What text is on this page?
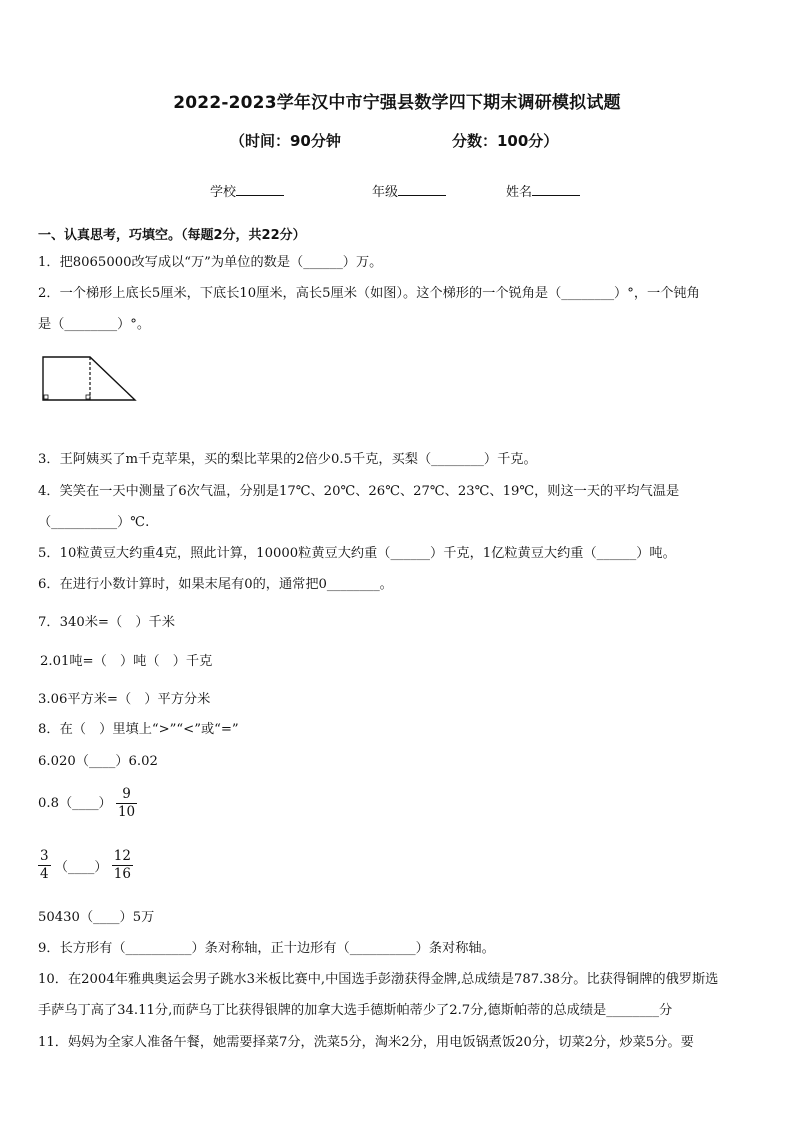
2022-2023学年汉中市宁强县数学四下期末调研模拟试题
（时间：90分钟	分数：100分）
学校	年级	姓名
一、认真思考，巧填空。（每题2分，共22分）
1．把8065000改写成以“万”为单位的数是（______）万。
2．一个梯形上底长5厘米，下底长10厘米，高长5厘米（如图）。这个梯形的一个锐角是（________）°，一个钝角
是（________）°。
3．王阿姨买了m千克苹果，买的梨比苹果的2倍少0.5千克，买梨（________）千克。
4．笑笑在一天中测量了6次气温，分别是17℃、20℃、26℃、27℃、23℃、19℃，则这一天的平均气温是
（__________）℃.
5．10粒黄豆大约重4克，照此计算，10000粒黄豆大约重（______）千克，1亿粒黄豆大约重（______）吨。
6．在进行小数计算时，如果末尾有0的，通常把0________。
7．340米=（　）千米
2.01吨=（　）吨（　）千克
3.06平方米=（　）平方分米
8．在（　）里填上“>”“<”或“=”
6.020（____）6.02
0.8（____） $\frac{9}{10}$
$\frac{3}{4}$ （____） $\frac{12}{16}$
50430（____）5万
9．长方形有（__________）条对称轴，正十边形有（__________）条对称轴。
10．在2004年雅典奥运会男子跳水3米板比赛中,中国选手彭渤获得金牌,总成绩是787.38分。比获得铜牌的俄罗斯选
手萨乌丁高了34.11分,而萨乌丁比获得银牌的加拿大选手德斯帕蒂少了2.7分,德斯帕蒂的总成绩是________分
11．妈妈为全家人准备午餐，她需要择菜7分，洗菜5分，淘米2分，用电饭锅煮饭20分，切菜2分，炒菜5分。要
